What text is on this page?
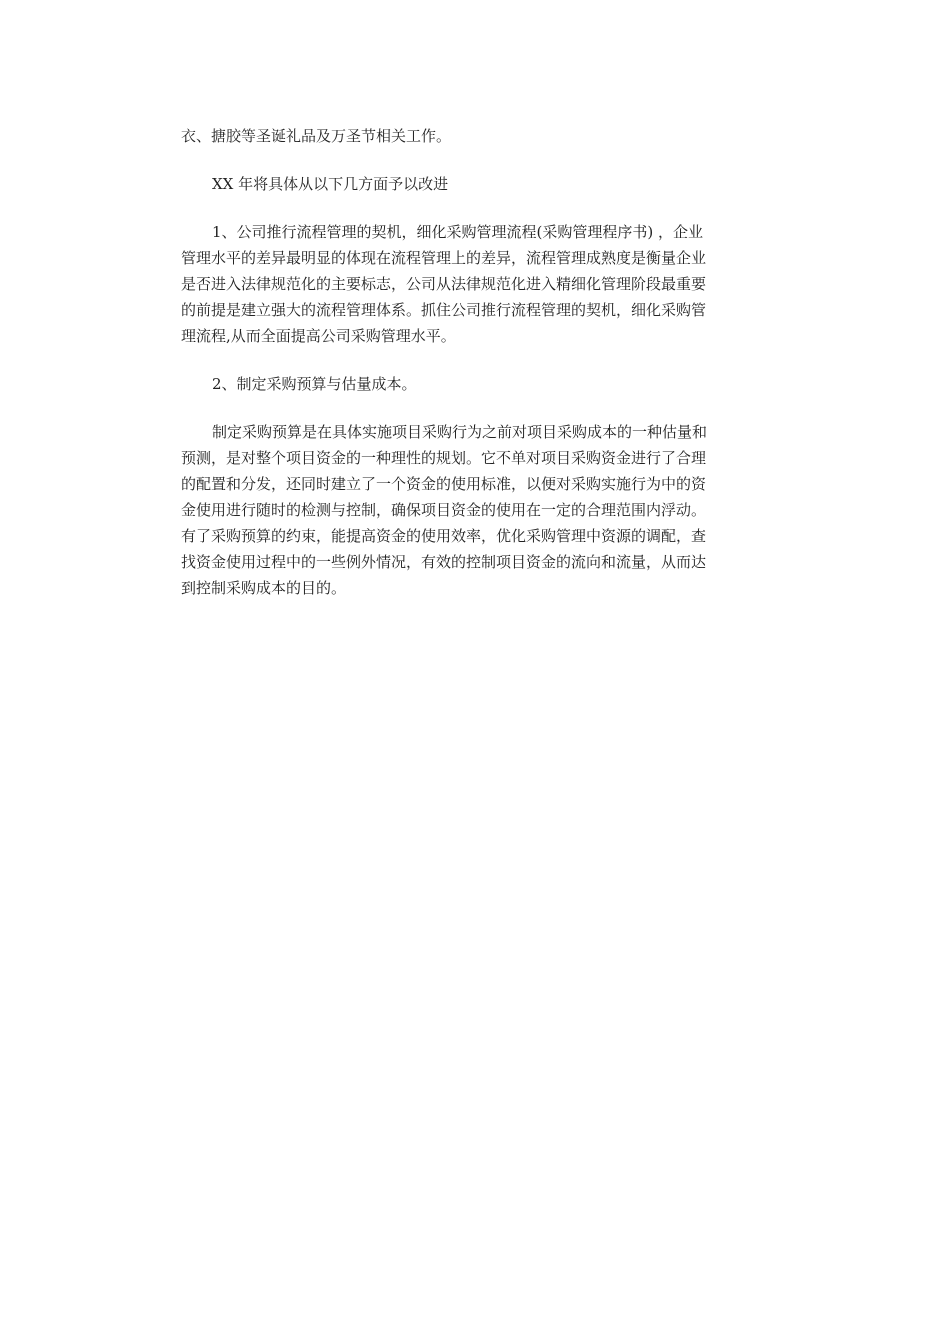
衣、搪胶等圣诞礼品及万圣节相关工作。

XX 年将具体从以下几方面予以改进

1、公司推行流程管理的契机，细化采购管理流程(采购管理程序书) ，企业
管理水平的差异最明显的体现在流程管理上的差异，流程管理成熟度是衡量企业
是否进入法律规范化的主要标志，公司从法律规范化进入精细化管理阶段最重要
的前提是建立强大的流程管理体系。抓住公司推行流程管理的契机，细化采购管
理流程,从而全面提高公司采购管理水平。

2、制定采购预算与估量成本。

制定采购预算是在具体实施项目采购行为之前对项目采购成本的一种估量和
预测，是对整个项目资金的一种理性的规划。它不单对项目采购资金进行了合理
的配置和分发，还同时建立了一个资金的使用标准，以便对采购实施行为中的资
金使用进行随时的检测与控制，确保项目资金的使用在一定的合理范围内浮动。
有了采购预算的约束，能提高资金的使用效率，优化采购管理中资源的调配，查
找资金使用过程中的一些例外情况，有效的控制项目资金的流向和流量，从而达
到控制采购成本的目的。
